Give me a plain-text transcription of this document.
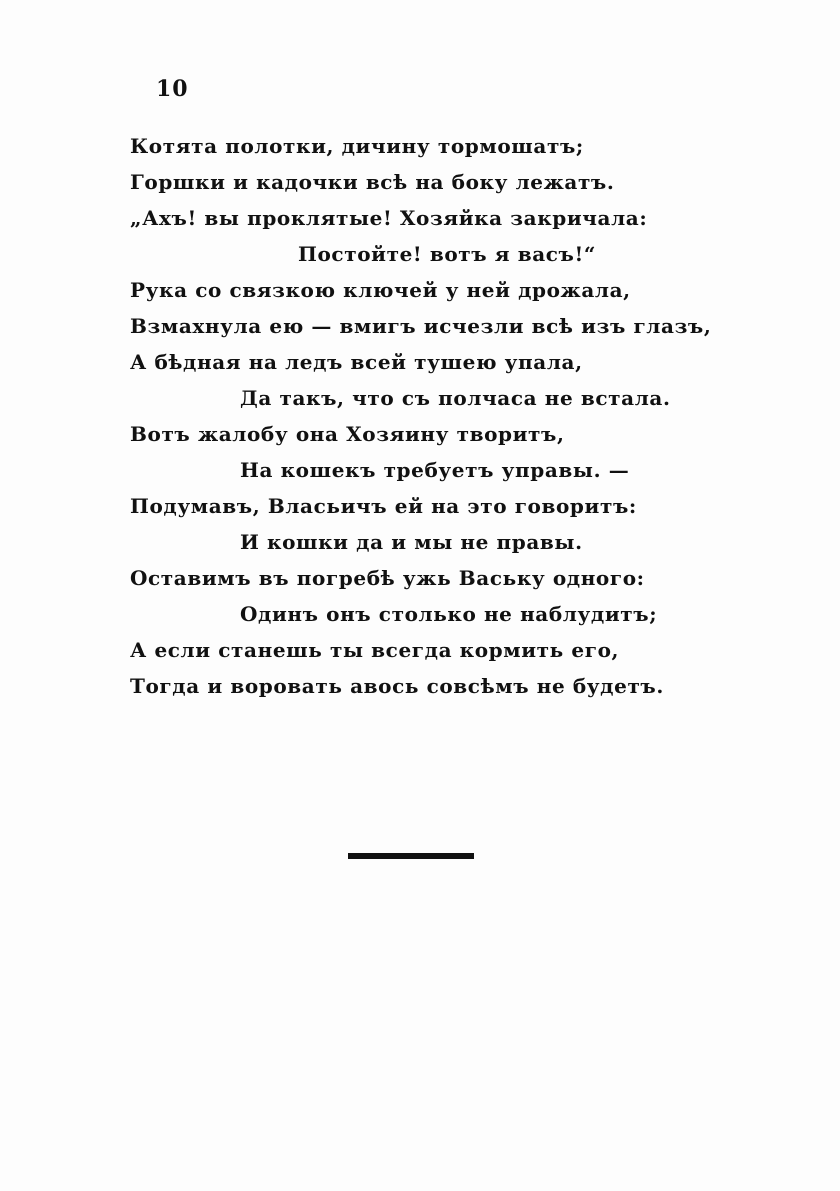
10
Котята полотки, дичину тормошатъ;
Горшки и кадочки всѣ на боку лежатъ.
„Ахъ! вы проклятые! Хозяйка закричала:
Постойте! вотъ я васъ!“
Рука со связкою ключей у ней дрожала,
Взмахнула ею — вмигъ исчезли всѣ изъ глазъ,
А бѣдная на ледъ всей тушею упала,
Да такъ, что съ полчаса не встала.
Вотъ жалобу она Хозяину творитъ,
На кошекъ требуетъ управы. —
Подумавъ, Власьичъ ей на это говоритъ:
И кошки да и мы не правы.
Оставимъ въ погребѣ ужь Ваську одного:
Одинъ онъ столько не наблудитъ;
А если станешь ты всегда кормить его,
Тогда и воровать авось совсѣмъ не будетъ.
